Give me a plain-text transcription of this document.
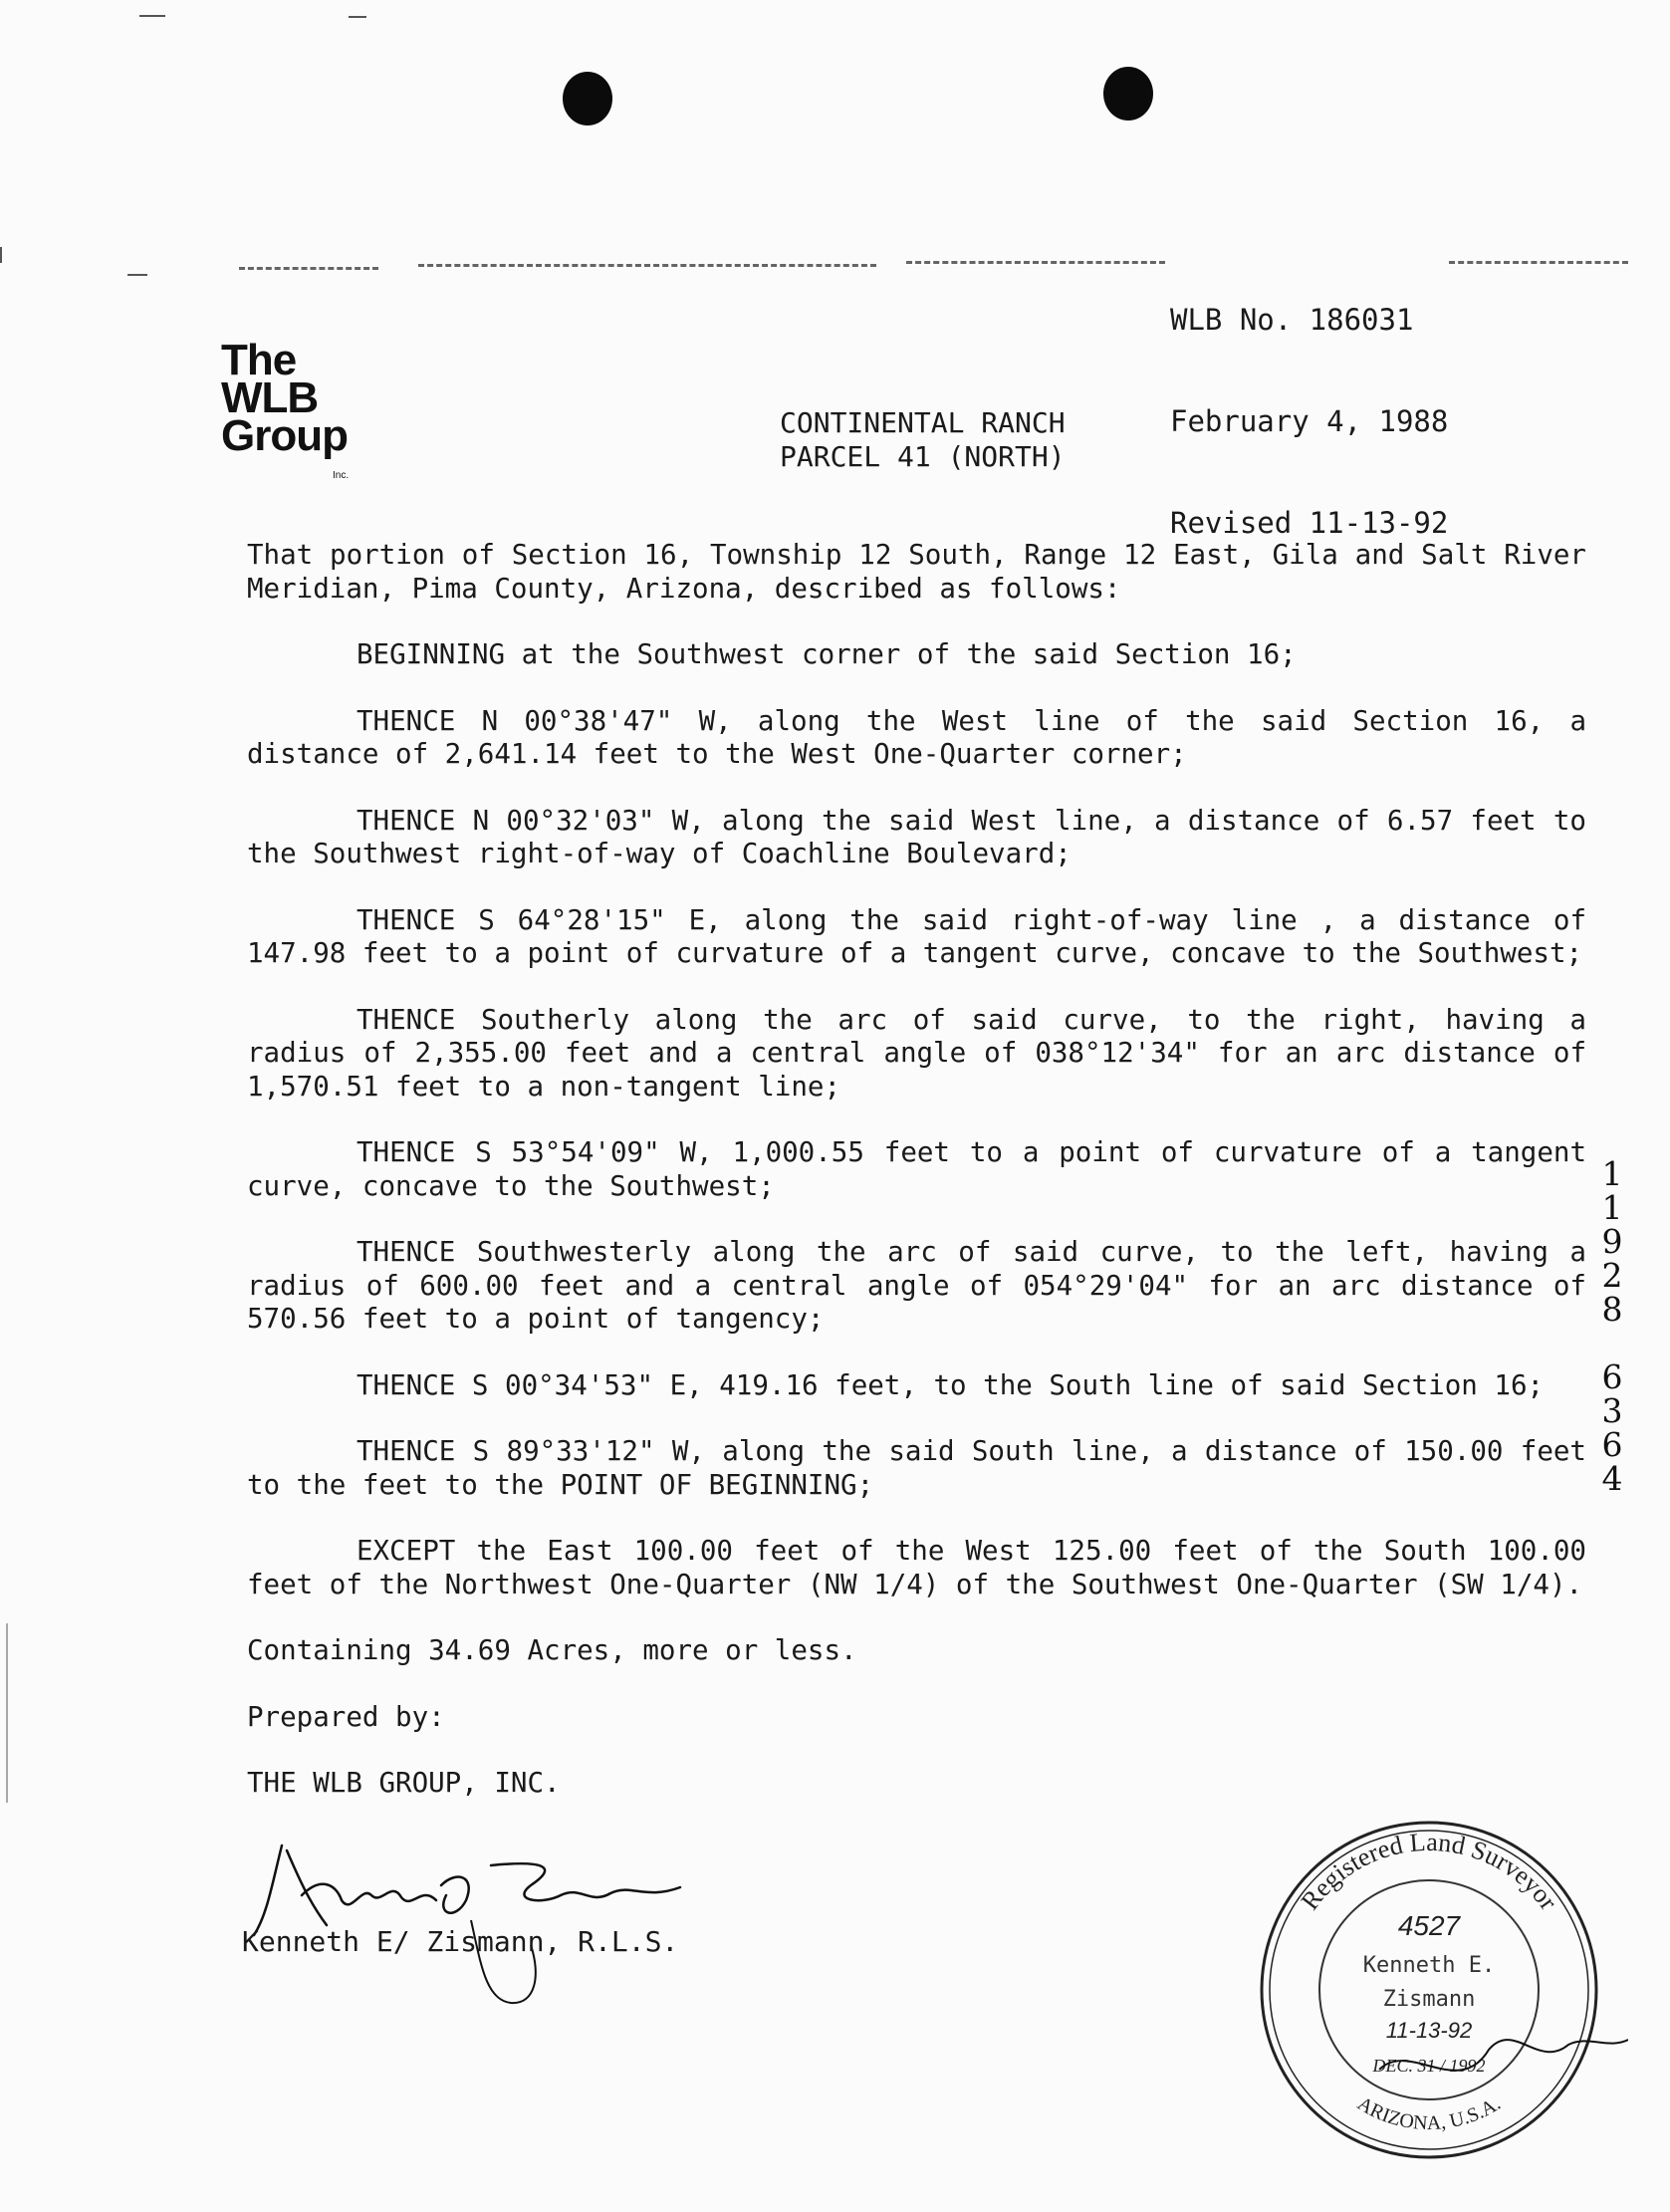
WLB No. 186031

February 4, 1988

Revised 11-13-92

The
WLB
Group
Inc.
CONTINENTAL RANCH
PARCEL 41 (NORTH)

That portion of Section 16, Township 12 South, Range 12 East, Gila and Salt River Meridian, Pima County, Arizona, described as follows:

BEGINNING at the Southwest corner of the said Section 16;

THENCE N 00°38'47" W, along the West line of the said Section 16, a distance of 2,641.14 feet to the West One-Quarter corner;

THENCE N 00°32'03" W, along the said West line, a distance of 6.57 feet to the Southwest right-of-way of Coachline Boulevard;

THENCE S 64°28'15" E, along the said right-of-way line , a distance of 147.98 feet to a point of curvature of a tangent curve, concave to the Southwest;

THENCE Southerly along the arc of said curve, to the right, having a radius of 2,355.00 feet and a central angle of 038°12'34" for an arc distance of 1,570.51 feet to a non-tangent line;

THENCE S 53°54'09" W, 1,000.55 feet to a point of curvature of a tangent curve, concave to the Southwest;

THENCE Southwesterly along the arc of said curve, to the left, having a radius of 600.00 feet and a central angle of 054°29'04" for an arc distance of 570.56 feet to a point of tangency;

THENCE S 00°34'53" E, 419.16 feet, to the South line of said Section 16;

THENCE S 89°33'12" W, along the said South line, a distance of 150.00 feet to the feet to the POINT OF BEGINNING;

EXCEPT the East 100.00 feet of the West 125.00 feet of the South 100.00 feet of the Northwest One-Quarter (NW 1/4) of the Southwest One-Quarter (SW 1/4).

Containing 34.69 Acres, more or less.

Prepared by:

THE WLB GROUP, INC.

1
1
9
2
8
6
3
6
4
Kenneth E/ Zismann, R.L.S.
Registered Land Surveyor
ARIZONA, U.S.A.
4527
Kenneth E.
Zismann
11-13-92
DEC. 31 / 1992
